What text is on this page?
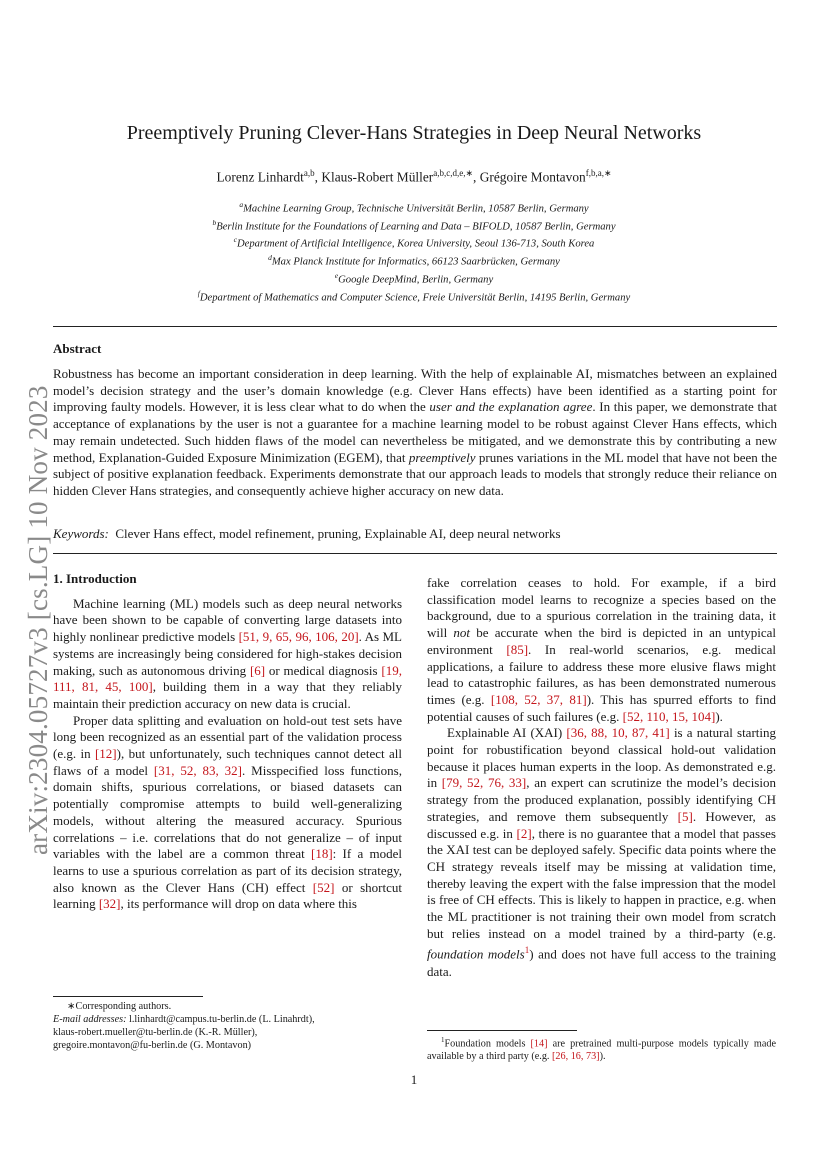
arXiv:2304.05727v3 [cs.LG] 10 Nov 2023
Preemptively Pruning Clever-Hans Strategies in Deep Neural Networks
Lorenz Linhardt$^{a,b}$, Klaus-Robert Müller$^{a,b,c,d,e,∗}$, Grégoire Montavon$^{f,b,a,∗}$
$^a$Machine Learning Group, Technische Universität Berlin, 10587 Berlin, Germany
$^b$Berlin Institute for the Foundations of Learning and Data – BIFOLD, 10587 Berlin, Germany
$^c$Department of Artificial Intelligence, Korea University, Seoul 136-713, South Korea
$^d$Max Planck Institute for Informatics, 66123 Saarbrücken, Germany
$^e$Google DeepMind, Berlin, Germany
$^f$Department of Mathematics and Computer Science, Freie Universität Berlin, 14195 Berlin, Germany
Abstract
Robustness has become an important consideration in deep learning. With the help of explainable AI, mismatches between an explained model’s decision strategy and the user’s domain knowledge (e.g. Clever Hans effects) have been identified as a starting point for improving faulty models. However, it is less clear what to do when the user and the explanation agree. In this paper, we demonstrate that acceptance of explanations by the user is not a guarantee for a machine learning model to be robust against Clever Hans effects, which may remain undetected. Such hidden flaws of the model can nevertheless be mitigated, and we demonstrate this by contributing a new method, Explanation-Guided Exposure Minimization (EGEM), that preemptively prunes variations in the ML model that have not been the subject of positive explanation feedback. Experiments demonstrate that our approach leads to models that strongly reduce their reliance on hidden Clever Hans strategies, and consequently achieve higher accuracy on new data.
Keywords: Clever Hans effect, model refinement, pruning, Explainable AI, deep neural networks
1. Introduction

Machine learning (ML) models such as deep neural networks have been shown to be capable of converting large datasets into highly nonlinear predictive models [51, 9, 65, 96, 106, 20]. As ML systems are increasingly being considered for high-stakes decision making, such as autonomous driving [6] or medical diagnosis [19, 111, 81, 45, 100], building them in a way that they reliably maintain their prediction accuracy on new data is crucial.

Proper data splitting and evaluation on hold-out test sets have long been recognized as an essential part of the validation process (e.g. in [12]), but unfortunately, such techniques cannot detect all flaws of a model [31, 52, 83, 32]. Misspecified loss functions, domain shifts, spurious correlations, or biased datasets can potentially compromise attempts to build well-generalizing models, without altering the measured accuracy. Spurious correlations – i.e. correlations that do not generalize – of input variables with the label are a common threat [18]: If a model learns to use a spurious correlation as part of its decision strategy, also known as the Clever Hans (CH) effect [52] or shortcut learning [32], its performance will drop on data where this

∗Corresponding authors.
E-mail addresses: l.linhardt@campus.tu-berlin.de (L. Linahrdt),
klaus-robert.mueller@tu-berlin.de (K.-R. Müller),
gregoire.montavon@fu-berlin.de (G. Montavon)

fake correlation ceases to hold. For example, if a bird classification model learns to recognize a species based on the background, due to a spurious correlation in the training data, it will not be accurate when the bird is depicted in an untypical environment [85]. In real-world scenarios, e.g. medical applications, a failure to address these more elusive flaws might lead to catastrophic failures, as has been demonstrated numerous times (e.g. [108, 52, 37, 81]). This has spurred efforts to find potential causes of such failures (e.g. [52, 110, 15, 104]).

Explainable AI (XAI) [36, 88, 10, 87, 41] is a natural starting point for robustification beyond classical hold-out validation because it places human experts in the loop. As demonstrated e.g. in [79, 52, 76, 33], an expert can scrutinize the model’s decision strategy from the produced explanation, possibly identifying CH strategies, and remove them subsequently [5]. However, as discussed e.g. in [2], there is no guarantee that a model that passes the XAI test can be deployed safely. Specific data points where the CH strategy reveals itself may be missing at validation time, thereby leaving the expert with the false impression that the model is free of CH effects. This is likely to happen in practice, e.g. when the ML practitioner is not training their own model from scratch but relies instead on a model trained by a third-party (e.g. foundation models$^1$) and does not have full access to the training data.

$^1$Foundation models [14] are pretrained multi-purpose models typically made available by a third party (e.g. [26, 16, 73]).
1
